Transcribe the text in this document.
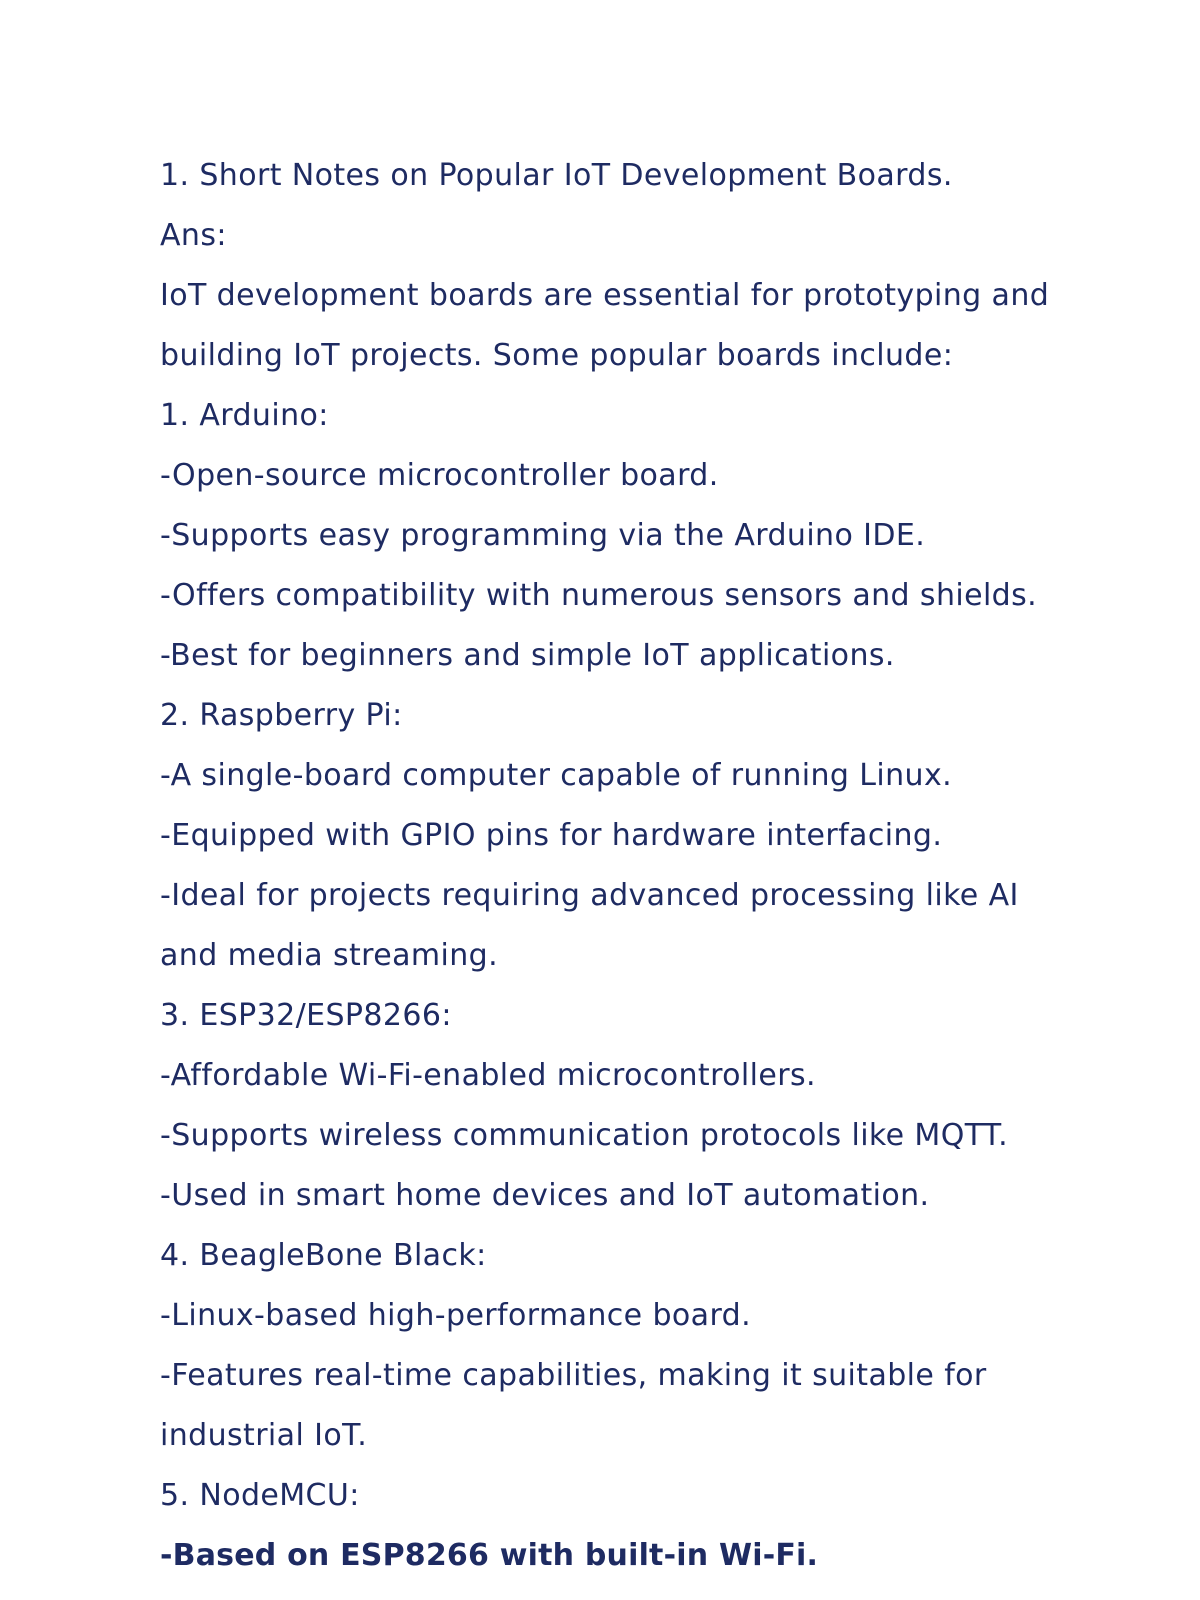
1. Short Notes on Popular IoT Development Boards.
Ans:
IoT development boards are essential for prototyping and
building IoT projects. Some popular boards include:
1. Arduino:
-Open-source microcontroller board.
-Supports easy programming via the Arduino IDE.
-Offers compatibility with numerous sensors and shields.
-Best for beginners and simple IoT applications.
2. Raspberry Pi:
-A single-board computer capable of running Linux.
-Equipped with GPIO pins for hardware interfacing.
-Ideal for projects requiring advanced processing like AI
and media streaming.
3. ESP32/ESP8266:
-Affordable Wi-Fi-enabled microcontrollers.
-Supports wireless communication protocols like MQTT.
-Used in smart home devices and IoT automation.
4. BeagleBone Black:
-Linux-based high-performance board.
-Features real-time capabilities, making it suitable for
industrial IoT.
5. NodeMCU:
-Based on ESP8266 with built-in Wi-Fi.
